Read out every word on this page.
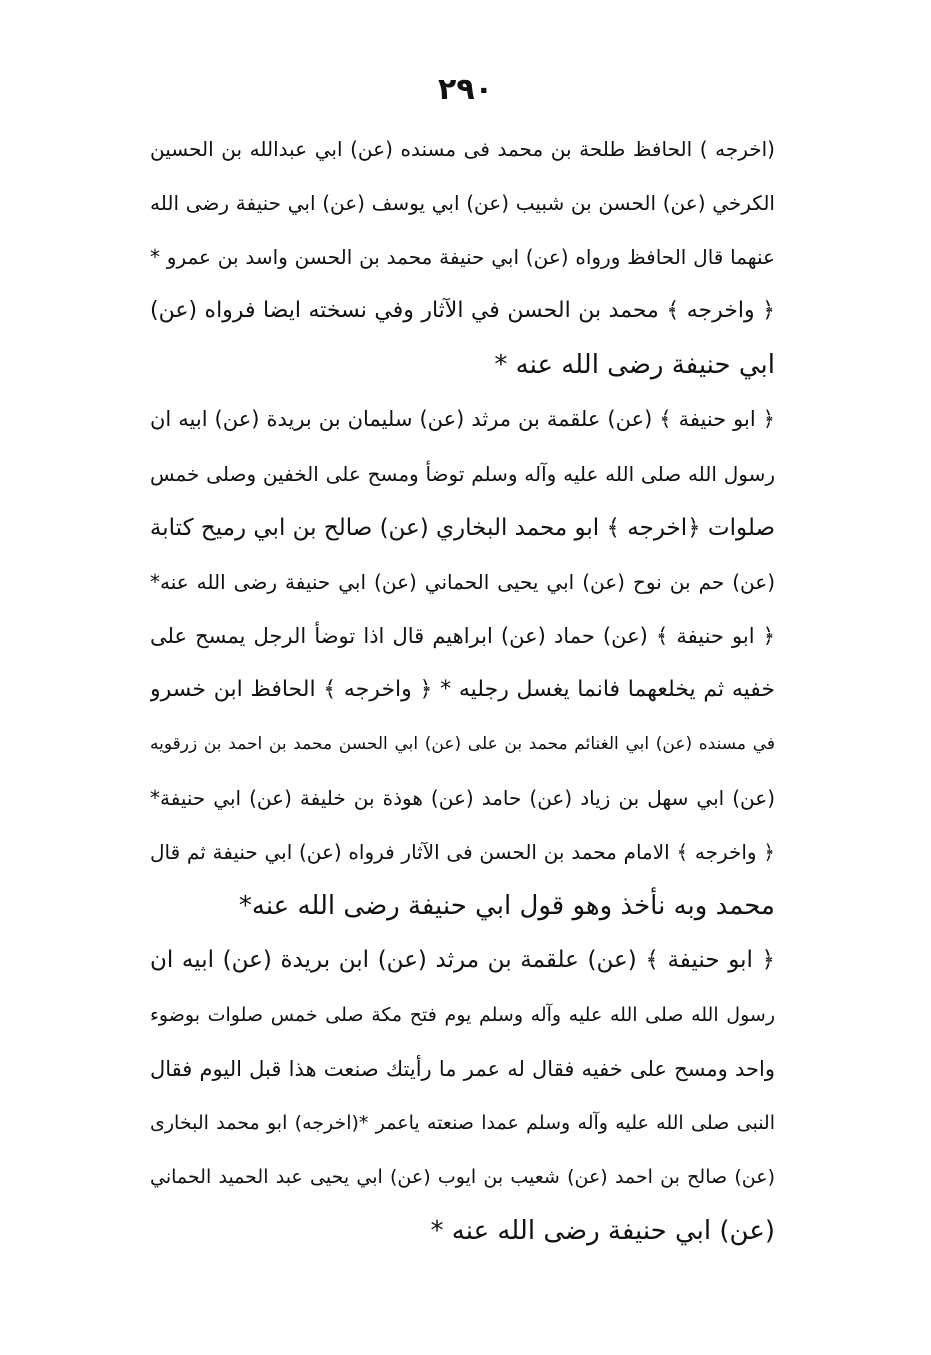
۲۹۰
(اخرجه ) الحافظ طلحة بن محمد فى مسنده (عن) ابي عبدالله بن الحسين
الكرخي (عن) الحسن بن شبيب (عن) ابي يوسف (عن) ابي حنيفة رضى الله
عنهما قال الحافظ ورواه (عن) ابي حنيفة محمد بن الحسن واسد بن عمرو *
﴿ واخرجه ﴾ محمد بن الحسن في الآثار وفي نسخته ايضا فرواه (عن)
ابي حنيفة رضى الله عنه *
﴿ ابو حنيفة ﴾ (عن) علقمة بن مرثد (عن) سليمان بن بريدة (عن) ابيه ان
رسول الله صلى الله عليه وآله وسلم توضأ ومسح على الخفين وصلى خمس
صلوات ﴿اخرجه ﴾ ابو محمد البخاري (عن) صالح بن ابي رميح كتابة
(عن) حم بن نوح (عن) ابي يحيى الحماني (عن) ابي حنيفة رضى الله عنه*
﴿ ابو حنيفة ﴾ (عن) حماد (عن) ابراهيم قال اذا توضأ الرجل يمسح على
خفيه ثم يخلعهما فانما يغسل رجليه * ﴿ واخرجه ﴾ الحافظ ابن خسرو
في مسنده (عن) ابي الغنائم محمد بن على (عن) ابي الحسن محمد بن احمد بن زرقويه
(عن) ابي سهل بن زياد (عن) حامد (عن) هوذة بن خليفة (عن) ابي حنيفة*
﴿ واخرجه ﴾ الامام محمد بن الحسن فى الآثار فرواه (عن) ابي حنيفة ثم قال
محمد وبه نأخذ وهو قول ابي حنيفة رضى الله عنه*
﴿ ابو حنيفة ﴾ (عن) علقمة بن مرثد (عن) ابن بريدة (عن) ابيه ان
رسول الله صلى الله عليه وآله وسلم يوم فتح مكة صلى خمس صلوات بوضوء
واحد ومسح على خفيه فقال له عمر ما رأيتك صنعت هذا قبل اليوم فقال
النبى صلى الله عليه وآله وسلم عمدا صنعته ياعمر *(اخرجه) ابو محمد البخارى
(عن) صالح بن احمد (عن) شعيب بن ايوب (عن) ابي يحيى عبد الحميد الحماني
(عن) ابي حنيفة رضى الله عنه *
